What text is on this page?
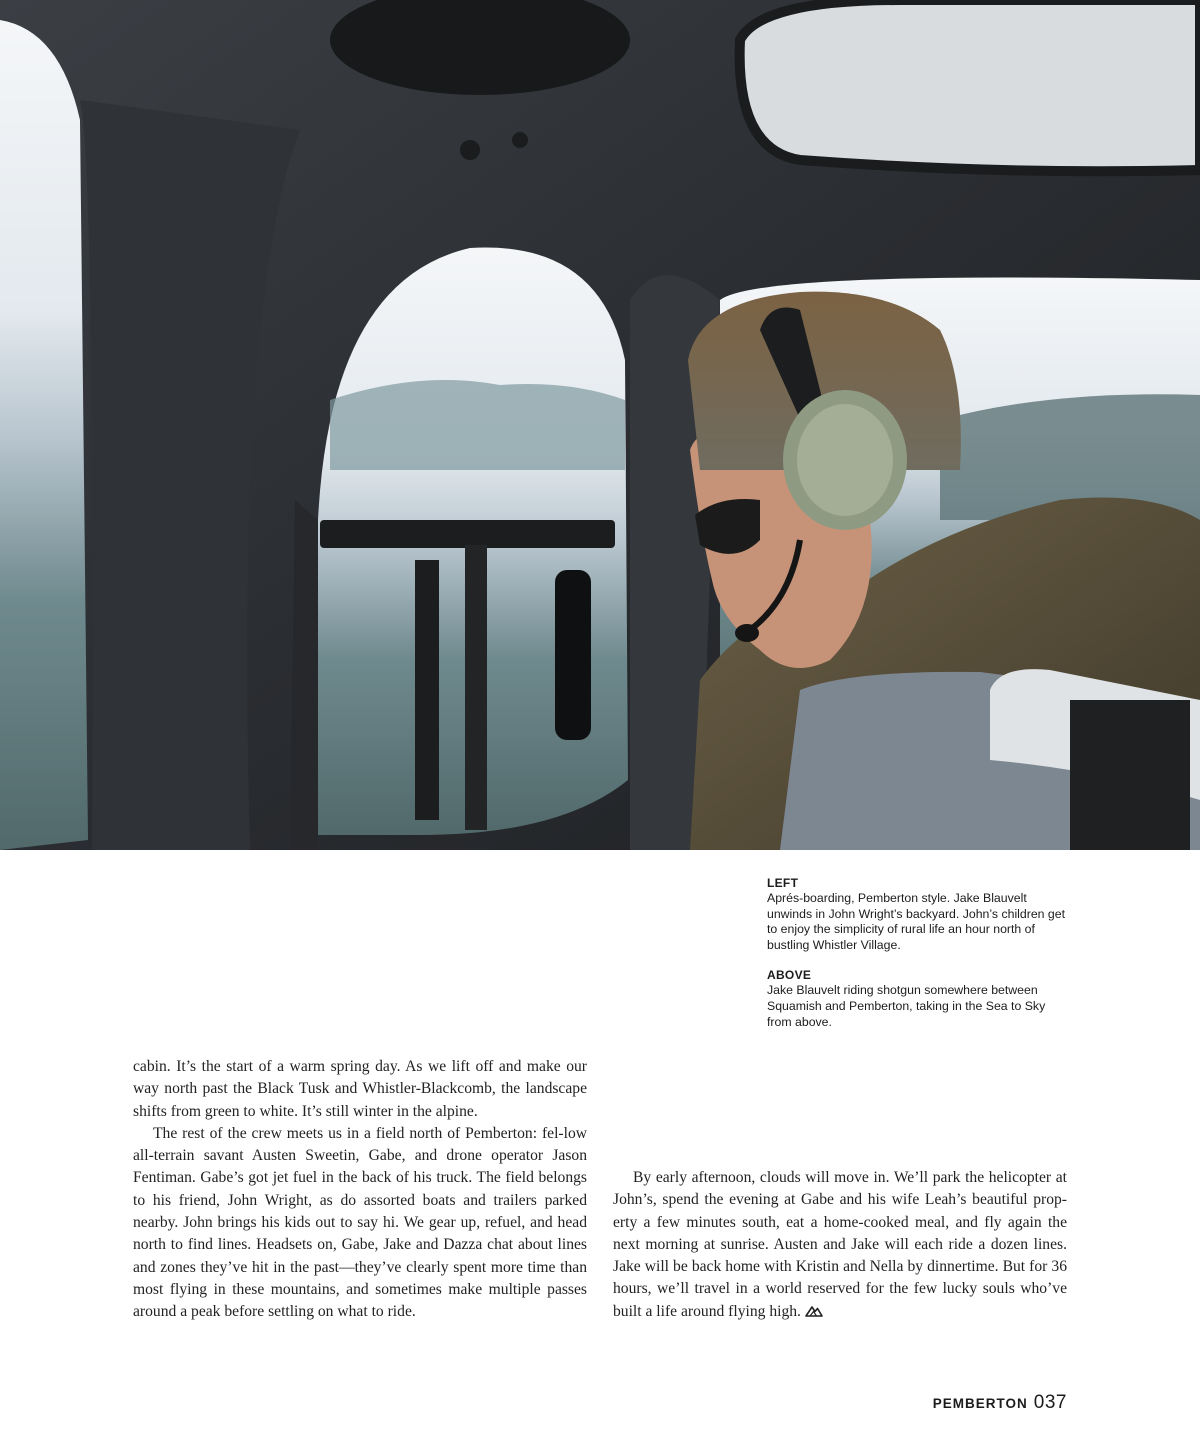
LEFT

Aprés-boarding, Pemberton style. Jake Blauvelt unwinds in John Wright’s backyard. John’s children get to enjoy the simplicity of rural life an hour north of bustling Whistler Village.

ABOVE

Jake Blauvelt riding shotgun somewhere between Squamish and Pemberton, taking in the Sea to Sky from above.

cabin. It’s the start of a warm spring day. As we lift off and make our way north past the Black Tusk and Whistler-Blackcomb, the landscape shifts from green to white. It’s still winter in the alpine.

The rest of the crew meets us in a field north of Pemberton: fel-low all-terrain savant Austen Sweetin, Gabe, and drone operator Jason Fentiman. Gabe’s got jet fuel in the back of his truck. The field belongs to his friend, John Wright, as do assorted boats and trailers parked nearby. John brings his kids out to say hi. We gear up, refuel, and head north to find lines. Headsets on, Gabe, Jake and Dazza chat about lines and zones they’ve hit in the past—they’ve clearly spent more time than most flying in these mountains, and sometimes make multiple passes around a peak before settling on what to ride.

By early afternoon, clouds will move in. We’ll park the helicopter at John’s, spend the evening at Gabe and his wife Leah’s beautiful prop-erty a few minutes south, eat a home-cooked meal, and fly again the next morning at sunrise. Austen and Jake will each ride a dozen lines. Jake will be back home with Kristin and Nella by dinnertime. But for 36 hours, we’ll travel in a world reserved for the few lucky souls who’ve built a life around flying high.

PEMBERTON 037
